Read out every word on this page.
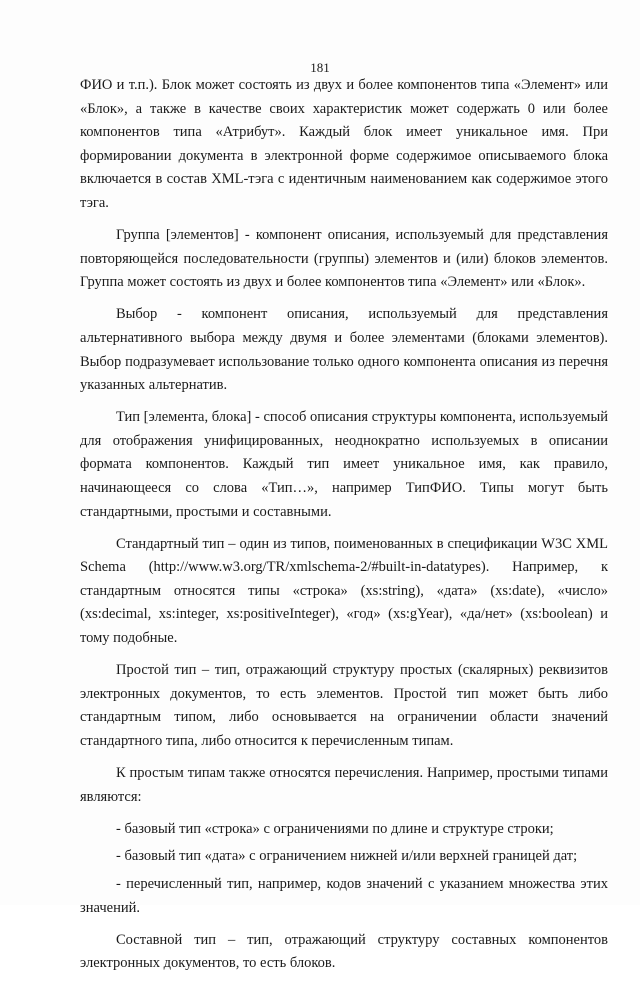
181

ФИО и т.п.). Блок может состоять из двух и более компонентов типа «Элемент» или «Блок», а также в качестве своих характеристик может содержать 0 или более компонентов типа «Атрибут». Каждый блок имеет уникальное имя. При формировании документа в электронной форме содержимое описываемого блока включается в состав XML-тэга с идентичным наименованием как содержимое этого тэга.

Группа [элементов] - компонент описания, используемый для представления повторяющейся последовательности (группы) элементов и (или) блоков элементов. Группа может состоять из двух и более компонентов типа «Элемент» или «Блок».

Выбор - компонент описания, используемый для представления альтернативного выбора между двумя и более элементами (блоками элементов). Выбор подразумевает использование только одного компонента описания из перечня указанных альтернатив.

Тип [элемента, блока] - способ описания структуры компонента, используемый для отображения унифицированных, неоднократно используемых в описании формата компонентов. Каждый тип имеет уникальное имя, как правило, начинающееся со слова «Тип…», например ТипФИО. Типы могут быть стандартными, простыми и составными.

Стандартный тип – один из типов, поименованных в спецификации W3C XML Schema (http://www.w3.org/TR/xmlschema-2/#built-in-datatypes). Например, к стандартным относятся типы «строка» (xs:string), «дата» (xs:date), «число» (xs:decimal, xs:integer, xs:positiveInteger), «год» (xs:gYear), «да/нет» (xs:boolean) и тому подобные.

Простой тип – тип, отражающий структуру простых (скалярных) реквизитов электронных документов, то есть элементов. Простой тип может быть либо стандартным типом, либо основывается на ограничении области значений стандартного типа, либо относится к перечисленным типам.

К простым типам также относятся перечисления. Например, простыми типами являются:

- базовый тип «строка» с ограничениями по длине и структуре строки;

- базовый тип «дата» с ограничением нижней и/или верхней границей дат;

- перечисленный тип, например, кодов значений с указанием множества этих значений.

Составной тип – тип, отражающий структуру составных компонентов электронных документов, то есть блоков.
